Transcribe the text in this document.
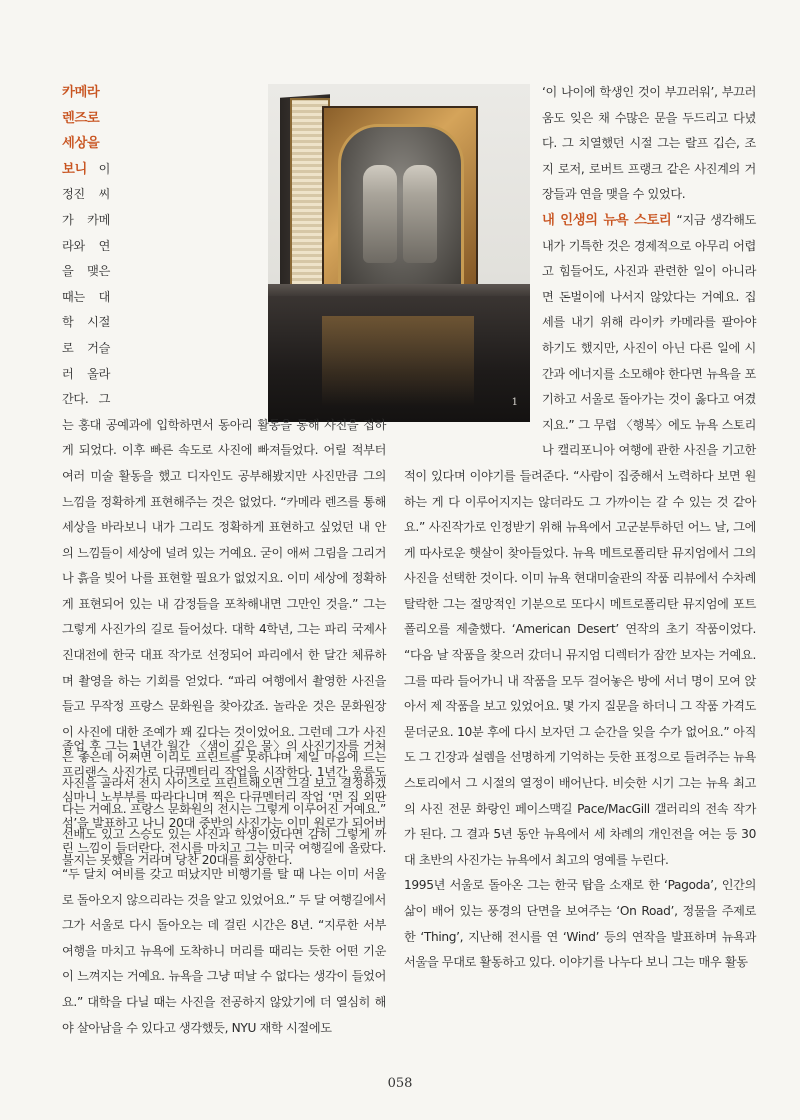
1

카메라 렌즈로 세상을 보니 이정진 씨가 카메라와 연을 맺은 때는 대학 시절로 거슬러 올라간다. 그는 홍대 공예과에 입학하면서 동아리 활동을 통해 사진을 접하게 되었다. 이후 빠른 속도로 사진에 빠져들었다. 어릴 적부터 여러 미술 활동을 했고 디자인도 공부해봤지만 사진만큼 그의 느낌을 정확하게 표현해주는 것은 없었다. “카메라 렌즈를 통해 세상을 바라보니 내가 그리도 정확하게 표현하고 싶었던 내 안의 느낌들이 세상에 널려 있는 거예요. 굳이 애써 그림을 그리거나 흙을 빚어 나를 표현할 필요가 없었지요. 이미 세상에 정확하게 표현되어 있는 내 감정들을 포착해내면 그만인 것을.” 그는 그렇게 사진가의 길로 들어섰다. 대학 4학년, 그는 파리 국제사진대전에 한국 대표 작가로 선정되어 파리에서 한 달간 체류하며 촬영을 하는 기회를 얻었다. “파리 여행에서 촬영한 사진을 들고 무작정 프랑스 문화원을 찾아갔죠. 놀라운 것은 문화원장이 사진에 대한 조예가 꽤 깊다는 것이었어요. 그런데 그가 사진은 좋은데 어쩌면 이리도 프린트를 못하냐며 제일 마음에 드는 사진을 골라서 전시 사이즈로 프린트해오면 그걸 보고 결정하겠다는 거예요. 프랑스 문화원의 전시는 그렇게 이루어진 거예요.” 선배도 있고 스승도 있는 사진과 학생이었다면 감히 그렇게 까불지는 못했을 거라며 당찬 20대를 회상한다.

졸업 후 그는 1년간 월간 〈샘이 깊은 물〉의 사진기자를 거쳐 프리랜스 사진가로 다큐멘터리 작업을 시작한다. 1년간 울릉도 심마니 노부부를 따라다니며 찍은 다큐멘터리 작업 ‘먼 집 외딴섬’을 발표하고 나니 20대 중반의 사진가는 이미 원로가 되어버린 느낌이 들더란다. 전시를 마치고 그는 미국 여행길에 올랐다. “두 달치 여비를 갖고 떠났지만 비행기를 탈 때 나는 이미 서울로 돌아오지 않으리라는 것을 알고 있었어요.” 두 달 여행길에서 그가 서울로 다시 돌아오는 데 걸린 시간은 8년. “지루한 서부 여행을 마치고 뉴욕에 도착하니 머리를 때리는 듯한 어떤 기운이 느껴지는 거예요. 뉴욕을 그냥 떠날 수 없다는 생각이 들었어요.” 대학을 다닐 때는 사진을 전공하지 않았기에 더 열심히 해야 살아남을 수 있다고 생각했듯, NYU 재학 시절에도

‘이 나이에 학생인 것이 부끄러워’, 부끄러움도 잊은 채 수많은 문을 두드리고 다녔다. 그 치열했던 시절 그는 랄프 깁슨, 조지 로저, 로버트 프랭크 같은 사진계의 거장들과 연을 맺을 수 있었다.

내 인생의 뉴욕 스토리 “지금 생각해도 내가 기특한 것은 경제적으로 아무리 어렵고 힘들어도, 사진과 관련한 일이 아니라면 돈벌이에 나서지 않았다는 거예요. 집세를 내기 위해 라이카 카메라를 팔아야 하기도 했지만, 사진이 아닌 다른 일에 시간과 에너지를 소모해야 한다면 뉴욕을 포기하고 서울로 돌아가는 것이 옳다고 여겼지요.” 그 무렵 〈행복〉에도 뉴욕 스토리나 캘리포니아 여행에 관한 사진을 기고한 적이 있다며 이야기를 들려준다. “사람이 집중해서 노력하다 보면 원하는 게 다 이루어지지는 않더라도 그 가까이는 갈 수 있는 것 같아요.” 사진작가로 인정받기 위해 뉴욕에서 고군분투하던 어느 날, 그에게 따사로운 햇살이 찾아들었다. 뉴욕 메트로폴리탄 뮤지엄에서 그의 사진을 선택한 것이다. 이미 뉴욕 현대미술관의 작품 리뷰에서 수차례 탈락한 그는 절망적인 기분으로 또다시 메트로폴리탄 뮤지엄에 포트폴리오를 제출했다. ‘American Desert’ 연작의 초기 작품이었다. “다음 날 작품을 찾으러 갔더니 뮤지엄 디렉터가 잠깐 보자는 거예요. 그를 따라 들어가니 내 작품을 모두 걸어놓은 방에 서너 명이 모여 앉아서 제 작품을 보고 있었어요. 몇 가지 질문을 하더니 그 작품 가격도 묻더군요. 10분 후에 다시 보자던 그 순간을 잊을 수가 없어요.” 아직도 그 긴장과 설렘을 선명하게 기억하는 듯한 표정으로 들려주는 뉴욕 스토리에서 그 시절의 열정이 배어난다. 비슷한 시기 그는 뉴욕 최고의 사진 전문 화랑인 페이스맥길 Pace/MacGill 갤러리의 전속 작가가 된다. 그 결과 5년 동안 뉴욕에서 세 차례의 개인전을 여는 등 30대 초반의 사진가는 뉴욕에서 최고의 영예를 누린다.

1995년 서울로 돌아온 그는 한국 탑을 소재로 한 ‘Pagoda’, 인간의 삶이 배어 있는 풍경의 단면을 보여주는 ‘On Road’, 정물을 주제로 한 ‘Thing’, 지난해 전시를 연 ‘Wind’ 등의 연작을 발표하며 뉴욕과 서울을 무대로 활동하고 있다. 이야기를 나누다 보니 그는 매우 활동

058
